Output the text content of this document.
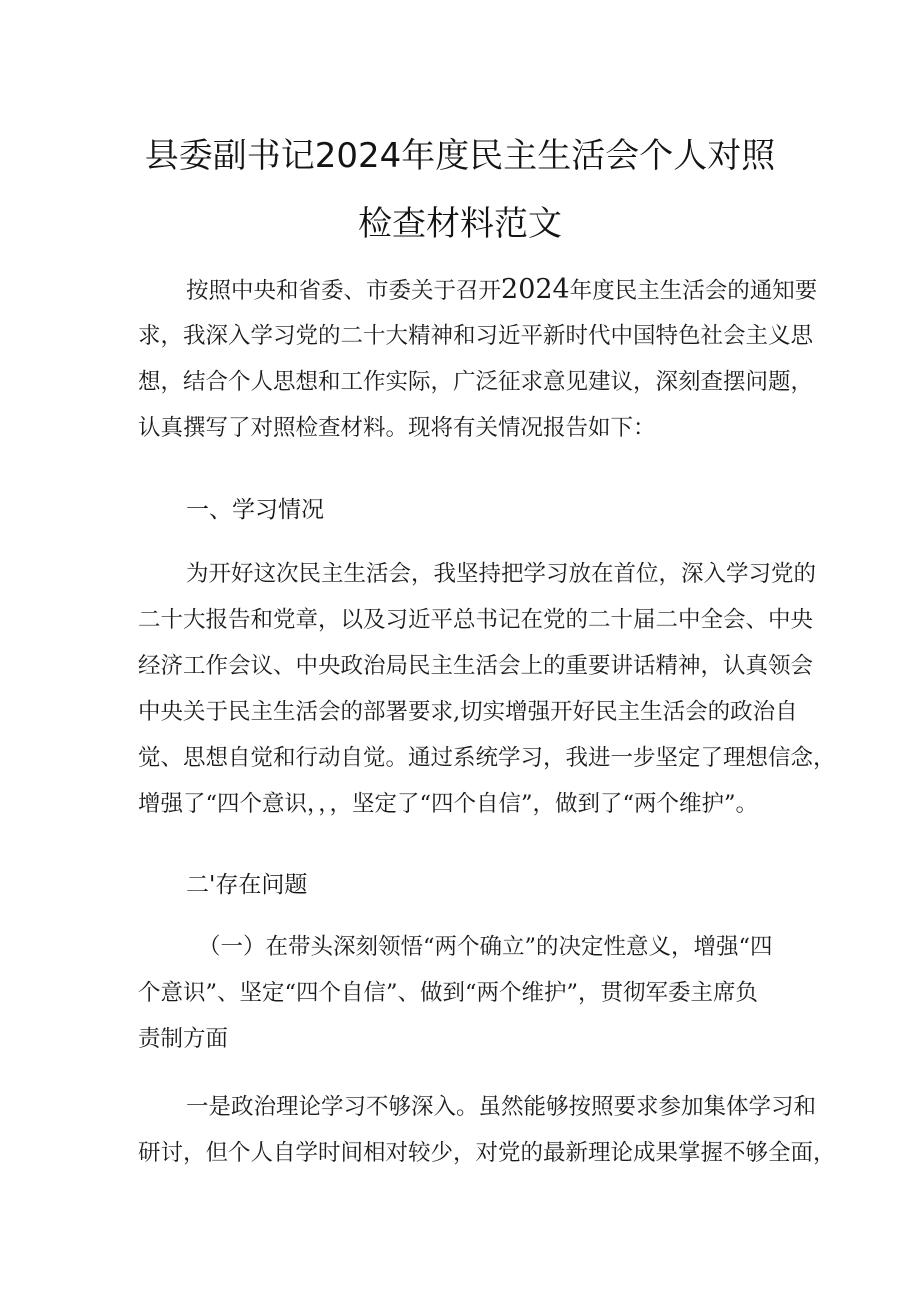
县委副书记2024年度民主生活会个人对照
检查材料范文
按照中央和省委、市委关于召开2024年度民主生活会的通知要
求，我深入学习党的二十大精神和习近平新时代中国特色社会主义思
想，结合个人思想和工作实际，广泛征求意见建议，深刻查摆问题，
认真撰写了对照检查材料。现将有关情况报告如下：
一、学习情况
为开好这次民主生活会，我坚持把学习放在首位，深入学习党的
二十大报告和党章，以及习近平总书记在党的二十届二中全会、中央
经济工作会议、中央政治局民主生活会上的重要讲话精神，认真领会
中央关于民主生活会的部署要求,切实增强开好民主生活会的政治自
觉、思想自觉和行动自觉。通过系统学习，我进一步坚定了理想信念，
增强了“四个意识，，，坚定了“四个自信”，做到了“两个维护”。
二'存在问题
（一）在带头深刻领悟“两个确立”的决定性意义，增强“四
个意识”、坚定“四个自信”、做到“两个维护”，贯彻军委主席负
责制方面
一是政治理论学习不够深入。虽然能够按照要求参加集体学习和
研讨，但个人自学时间相对较少，对党的最新理论成果掌握不够全面，
